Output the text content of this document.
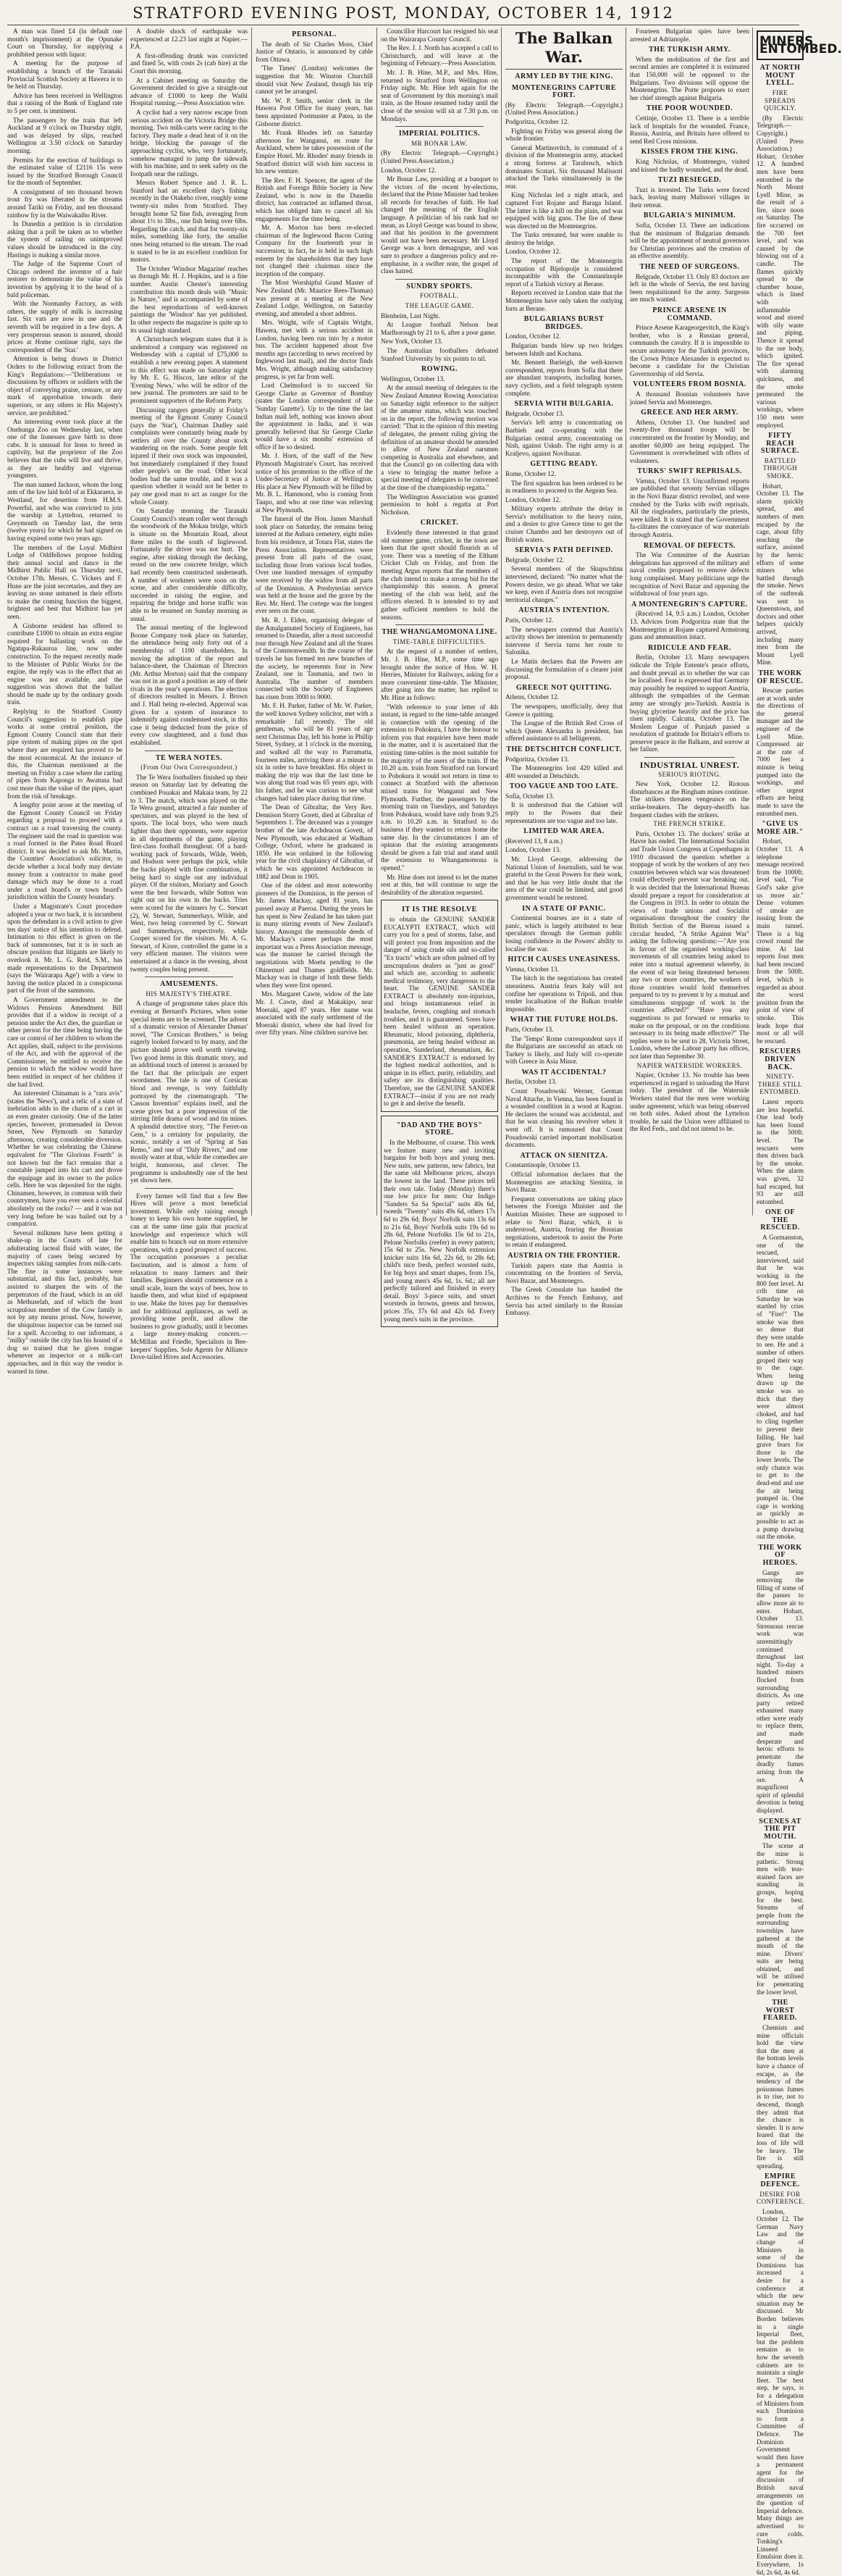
STRATFORD EVENING POST, MONDAY, OCTOBER 14, 1912

A man was fined £4 (in default one month's imprisonment) at the Opunake Court on Thursday, for supplying a prohibited person with liquor.

A meeting for the purpose of establishing a branch of the Taranaki Provincial Scottish Society at Hawera is to be held on Thursday.

Advice has been received in Wellington that a raising of the Bank of England rate to 5 per cent. is imminent.

The passengers by the train that left Auckland at 9 o'clock on Thursday night, and was delayed by slips, reached Wellington at 3.50 o'clock on Saturday morning.

Permits for the erection of buildings to the estimated value of £2116 15s were issued by the Stratford Borough Council for the month of September.

A consignment of ten thousand brown trout fry was liberated in the streams around Tariki on Friday, and ten thousand rainbow fry in the Waiwakaiho River.

In Dunedin a petition is in circulation asking that a poll be taken as to whether the system of railing on unimproved values should be introduced in the city. Hastings is making a similar move.

The Judge of the Supreme Court of Chicago ordered the inventor of a hair restorer to demonstrate the value of his invention by applying it to the head of a bald policeman.

With the Normanby Factory, as with others, the supply of milk is increasing fast. Six vats are now in use and the seventh will be required in a few days. A very prosperous season is assured, should prices at Home continue right, says the correspondent of the 'Star.'

Attention is being drawn in District Orders to the following extract from the King's Regulations:—"Deliberations or discussions by officers or soldiers with the object of conveying praise, censure, or any mark of approbation towards their superiors, or any others in His Majesty's service, are prohibited."

An interesting event took place at the Onehunga Zoo on Wednesday last, when one of the lionesses gave birth to three cubs. It is unusual for lions to breed in captivity, but the proprietor of the Zoo believes that the cubs will live and thrive, as they are healthy and vigorous youngsters.

The man named Jackson, whom the long arm of the law laid hold of at Ekkaraera, in Westland, for desertion from H.M.S. Powerful, and who was convicted to join the warship at Lyttelton, returned to Greymouth on Tuesday last, the term (twelve years) for which he had signed on having expired some two years ago.

The members of the Loyal Midhirst Lodge of Oddfellows propose holding their annual social and dance in the Midhirst Public Hall on Thursday next, October 17th. Messrs. C. Vickers and F. Hune are the joint secretaries, and they are leaving no stone unturned in their efforts to make the coming function the biggest, brightest and best that Midhirst has yet seen.

A Gisborne resident has offered to contribute £1000 to obtain an extra engine required for ballasting work on the Ngatapa-Rakauroa line, now under construction. To the request recently made to the Minister of Public Works for the engine, the reply was to the effect that an engine was not available, and the suggestion was shown that the ballast should be made up by the ordinary goods train.

Replying to the Stratford County Council's suggestion to establish pipe works at some central position, the Egmont County Council state that their pipe system of making pipes on the spot where they are required has proved to be the most economical. At the instance of this, the Chairman mentioned at the meeting on Friday a case where the carting of pipes from Kaponga to Awatuna had cost more than the value of the pipes, apart from the risk of breakage.

A lengthy point arose at the meeting of the Egmont County Council on Friday regarding a proposal to proceed with a contract on a road traversing the county. The engineer said the road in question was a road formed in the Patea Road Board district. It was decided to ask Mr. Martin, the Counties' Association's solicitor, to decide whether a local body may deviate money from a contractor to make good damage which may be done to a road under a road board's or town board's jurisdiction within the County boundary.

Under a Magistrate's Court procedure adopted a year or two back, it is incumbent upon the defendant in a civil action to give ten days' notice of his intention to defend. Intimation to this effect is given on the back of summonses, but it is in such an obscure position that litigants are likely to overlook it. Mr. L. G. Reid, S.M., has made representations to the Department (says the 'Wairarapa Age') with a view to having the notice placed in a conspicuous part of the front of the summons.

A Government amendment to the Widows Pensions Amendment Bill provides that if a widow in receipt of a pension under the Act dies, the guardian or other person for the time being having the care or control of her children to whom the Act applies, shall, subject to the provisions of the Act, and with the approval of the Commissioner, be entitled to receive the pension to which the widow would have been entitled in respect of her children if she had lived.

An interested Chinaman is a "rara avis" (states the 'News'), and a relic of a state of inebriation adds to the charm of a cart in an even greater curiosity. One of the latter species, however, promenaded in Devon Street, New Plymouth on Saturday afternoon, creating considerable diversion. Whether he was celebrating the Chinese equivalent for "The Glorious Fourth" is not known but the fact remains that a constable jumped into his cart and drove the equipage and its owner to the police cells. Here he was deposited for the night. Chinamen, however, in common with their countrymen, have you ever seen a celestial absolutely on the rocks? — and it was not very long before he was bailed out by a compatriot.

Several milkmen have been getting a shake-up in the Courts of late for adulterating lacteal fluid with water, the majority of cases being secured by inspectors taking samples from milk-carts. The fine in some instances were substantial, and this fact, probably, has assisted to sharpen the wits of the perpetrators of the fraud, which in an old as Methuselah, and of which the least scrupulous member of the Cow family is not by any means proud. Now, however, the ubiquitous inspector can be turned out for a spell. Accordng to our informant, a "milky" outside the city has his hound of a dog so trained that he gives tongue whenever an inspector or a milk-cart approaches, and in this way the vendor is warned in time.

A double shock of earthquake was experienced at 12.23 last night at Napier.—P.A.

A first-offending drunk was convicted and fined 5s, with costs 2s (cab hire) at the Court this morning.

At a Cabinet meeting on Saturday the Government decided to give a straight-out advance of £1000 to keep the Waihi Hospital running.—Press Association wire.

A cyclist had a very narrow escape from serious accident on the Victoria Bridge this morning. Two milk-carts were racing to the factory. They made a dead heat of it on the bridge, blocking the passage of the approaching cyclist, who, very fortunately, somehow managed to jump the sidewalk with his machine, and to seek safety on the footpath near the railings.

Messrs Robert Spence and J. R. L. Stanford had an excellent day's fishing recently in the Otakeho river, roughly some twenty-six miles from Stratford. They brought home 52 fine fish, averaging from about 1½ to 3lbs., one fish being over 6lbs. Regarding the catch, and that for twenty-six miles, something like forty, the smaller ones being returned to the stream. The road is stated to be in an excellent condition for motors.

The October 'Windsor Magazine' reaches us through Mr. H. J. Hopkins, and is a fine number. Austin Chester's interesting contribution this month deals with "Music in Nature," and is accompanied by some of the best reproductions of well-known paintings the 'Windsor' has yet published. In other respects the magazine is quite up to its usual high standard.

A Christchurch telegram states that it is understood a company was registered on Wednesday with a capital of £75,000 to establish a new evening paper. A statement to this effect was made on Saturday night by Mr. E. G. Hiscox, late editor of the 'Evening News,' who will be editor of the new journal. The promoters are said to be prominent supporters of the Reform Party.

Discussing rangers generally at Friday's meeting of the Egmont County Council (says the 'Star'), Chairman Dudley said complaints were constantly being made by settlers all over the County about stock wandering on the roads. Some people felt injured if their own stock was impounded, but immediately complained if they found other people's on the road. Other local bodies had the same trouble, and it was a question whether it would not be better to pay one good man to act as ranger for the whole County.

On Saturday morning the Taranaki County Council's steam roller went through the woodwork of the Mokau bridge, which is situate on the Mountain Road, about three miles to the south of Inglewood. Fortunately the driver was not hurt. The engine, after sinking through the decking, rested on the new concrete bridge, which had recently been constructed underneath. A number of workmen were soon on the scene, and after considerable difficulty, succeeded in raising the engine, and repairing the bridge and horse traffic was able to be resumed on Sunday morning as usual.

The annual meeting of the Inglewood Boone Company took place on Saturday, the attendance being only forty out of a membership of 1100 shareholders. In moving the adoption of the report and balance-sheet, the Chairman of Directors (Mr. Arthur Morton) said that the company was not in as good a position as any of their rivals in the year's operations. The election of directors resulted in Messrs. J. Brown and J. Hall being re-elected. Approval was given for a system of insurance to indemnify against condemned stock, in this case it being deducted from the price of every cow slaughtered, and a fund thus established.

TE WERA NOTES.
(From Our Own Correspondent.)

The Te Wera footballers finished up their season on Saturday last by defeating the combined Pouakai and Makaia team, by 22 to 3. The match, which was played on the Te Wera ground, attracted a fair number of spectators, and was played in the best of sports. The local boys, who were much lighter than their opponents, were superior in all departments of the game, playing first-class football throughout. Of a hard-working pack of forwards, Wilde, Webb, and Hodson were perhaps the pick, while the backs played with fine combination, it being hard to single out any individual player. Of the visitors, Moriarty and Gooch were the best forwards, while Sutton was right out on his own in the backs. Tries were scored for the winners by C. Stewart (2), W. Stewart, Summerhays, Wilde, and West, two being converted by C. Stewart and Summerhays, respectively, while Cooper scored for the visitors. Mr. A. G. Stewart, of Kiore, controlled the game in a very efficient manner. The visitors were entertained at a dance in the evening, about twenty couples being present.

AMUSEMENTS.
HIS MAJESTY'S THEATRE.

A change of programme takes place this evening at Bernard's Pictures, when some special items are to be screened. The advent of a dramatic version of Alexander Dumas' novel, "The Corsican Brothers," is being eagerly looked forward to by many, and the picture should prove well worth viewing. Two good items in this dramatic story, and an additional touch of interest is aroused by the fact that the principals are expert swordsmen. The tale is one of Corsican blood and revenge, is very faithfully portrayed by the cinematograph. "The Casson Invention" explains itself, and the scene gives but a poor impression of the stirring little drama of wood and tin mines. A splendid detective story, "The Ferret-on Gem," is a certainty for popularity, the scenic, notably a set of "Spring at San Remo," and one of "Daly Rivers," and one mostly water at that, while the comedies are bright, humorous, and clever. The programme is undoubtedly one of the best yet shown here.

Every farmer will find that a few Bee Hives will prove a most beneficial investment. While only raising enough honey to keep his own home supplied, he can at the same time gain that practical knowledge and experience which will enable him to branch out on more extensive operations, with a good prospect of success. The occupation possesses a peculiar fascination, and is almost a form of relaxation to many farmers and their families. Beginners should commence on a small scale, learn the ways of bees, how to handle them, and what kind of equipment to use. Make the hives pay for themselves and for additional appliances, as well as providing some profit, and allow the business to grow gradually, until it becomes a large money-making concern.—McMillan and Friedle, Specialists in Bee-keepers' Supplies. Sole Agents for Alliance Dove-tailed Hives and Accessories.

PERSONAL.

The death of Sir Charles Moss, Chief Justice of Ontario, is announced by cable from Ottawa.

'The Times' (London) welcomes the suggestion that Mr. Winston Churchill should visit New Zealand, though his trip cannot yet be arranged.

Mr. W. P. Smith, senior clerk in the Hawera Post Office for many years, has been appointed Postmaster at Patea, in the Gisborne district.

Mr. Frank Rhodes left on Saturday afternoon for Wanganui, en route for Auckland, where he takes possession of the Empire Hotel. Mr. Rhodes' many friends in Stratford district will wish him success in his new venture.

The Rev. F. H. Spencer, the agent of the British and Foreign Bible Society in New Zealand, who is now in the Dunedin district, has contracted an inflamed throat, which has obliged him to cancel all his engagements for the time being.

Mr. A. Morton has been re-elected chairman of the Inglewood Bacon Curing Company for the fourteenth year in succession; in fact, he is held in such high esteem by the shareholders that they have not changed their chairman since the inception of the company.

The Most Worshipful Grand Master of New Zealand (Mr. Maurice Rees-Thomas) was present at a meeting at the New Zealand Lodge, Wellington, on Saturday evening, and attended a short address.

Mrs. Wright, wife of Captain Wright, Hawera, met with a serious accident in London, having been run into by a motor bus. The accident happened about five months ago (according to news received by Inglewood last mail), and the doctor finds Mrs. Wright, although making satisfactory progress, is yet far from well.

Lord Chelmsford is to succeed Sir George Clarke as Governor of Bombay (states the London correspondent of the 'Sunday Gazette'). Up to the time the last Indian mail left, nothing was known about the appointment in India, and it was generally believed that Sir George Clarke would have a six months' extension of office if he so desired.

Mr. J. Horn, of the staff of the New Plymouth Magistrate's Court, has received notice of his promotion to the office of the Under-Secretary of Justice at Wellington. His place at New Plymouth will be filled by Mr. B. L. Hammond, who is coming from Taupo, and who at one time was relieving at New Plymouth.

The funeral of the Hon. James Marshall took place on Saturday, the remains being interred at the Aubara cemetery, eight miles from his residence, at Totara Flat, states the Press Association. Representatives were present from all parts of the coast, including those from various local bodies. Over one hundred messages of sympathy were received by the widow from all parts of the Dominion. A Presbyterian service was held at the house and the grave by the Rev. Mr. Herd. The cortege was the longest ever seen on the coast.

Mr. R. J. Elden, organising delegate of the Amalgamated Society of Engineers, has returned to Dunedin, after a most successful tour through New Zealand and all the States of the Commonwealth. In the course of the travels he has formed ten new branches of the society, he represents four in New Zealand, one in Tasmania, and two in Australia. The number of members connected with the Society of Engineers has risen from 3000 to 9000.

Mr. F. H. Parker, father of Mr. W. Parker, the well known Sydney solicitor, met with a remarkable fall recently. The old gentleman, who will be 81 years of age next Christmas Day, left his home in Phillip Street, Sydney, at 1 o'clock in the morning, and walked all the way to Parramatta, fourteen miles, arriving there at a minute to six in order to have breakfast. His object in making the trip was that the last time he was along that road was 65 years ago, with his father, and he was curious to see what changes had taken place during that time.

The Dean of Gibraltar, the Very Rev. Dennison Storry Gorett, died at Gibraltar of Septembers 1. The deceased was a younger brother of the late Archdeacon Govett, of New Plymouth, was educated at Wadham College, Oxford, where he graduated in 1850. He was ordained in the following year for the civil chaplaincy of Gibraltar, of which he was appointed Archdeacon in 1882 and Dean in 1905.

One of the oldest and most noteworthy pioneers of the Dominion, in the person of Mr. James Mackay, aged 81 years, has passed away at Paeroa. During the years he has spent in New Zealand he has taken part in many stirring events of New Zealand's history. Amongst the memorable deeds of Mr. Mackay's career perhaps the most important was a Press Association message, was the manner he carried through the negotiations with Moetu pending to the Ohinemuri and Thames goldfields. Mr. Mackay was in charge of both these fields when they were first opened.

Mrs. Margaret Cawte, widow of the late Mr. J. Cawte, died at Makakipo, near Moeraki, aged 87 years. Her name was associated with the early settlement of the Moeraki district, where she had lived for over fifty years. Nine children survive her.

Councillor Harcourt has resigned his seat on the Wairarapa County Council.

The Rev. J. J. North has accepted a call to Christchurch, and will leave at the beginning of February.—Press Association.

Mr. J. B. Hine, M.P., and Mrs. Hine, returned to Stratford from Wellington on Friday night. Mr. Hine left again for the seat of Government by this morning's mail train, as the House resumed today until the close of the session will sit at 7.30 p.m. on Mondays.

IMPERIAL POLITICS.
MR BONAR LAW.

(By Electric Telegraph.—Copyright.) (United Press Association.)

London, October 12.

Mr Bonar Law, presiding at a banquet to the victors of the recent by-elections, declared that the Prime Minister had broken all records for breaches of faith. He had changed the meaning of the English language. A politician of his rank had no mean, as Lloyd George was bound to show, and that his position in the government would not have been necessary. Mr Lloyd George was a born demagogue, and was sure to produce a dangerous policy and re-emphasise, in a swifter note, the gospel of class hatred.

SUNDRY SPORTS.
FOOTBALL.
THE LEAGUE GAME.

Blenheim, Last Night.

At League football Nelson beat Marlborough by 21 to 6, after a poor game.

New York, October 13.

The Australian footballers defeated Stanford University by six points to nil.

ROWING.

Wellington, October 13.

At the annual meeting of delegates to the New Zealand Amateur Rowing Association on Saturday night reference to the subject of the amateur status, which was touched on in the report, the following motion was carried: "That in the opinion of this meeting of delegates, the present ruling giving the definition of an amateur should be amended to allow of New Zealand oarsmen competing in Australia and elsewhere, and that the Council go on collecting data with a view to bringing the matter before a special meeting of delegates to be convened at the time of the championship regatta."

The Wellington Association was granted permission to hold a regatta at Port Nicholson.

CRICKET.

Evidently those interested in that grand old summer game, cricket, in the town are keen that the sport should flourish as of yore. There was a meeting of the Eltham Cricket Club on Friday, and from the meeting Argus reports that the members of the club intend to make a strong bid for the championship this season. A general meeting of the club was held, and the officers elected. It is intended to try and gather sufficient members to hold the seasons.

THE WHANGAMOMONA LINE.
TIME-TABLE DIFFICULTIES.

At the request of a number of settlers, Mr. J. B. Hine, M.P., some time ago brought under the notice of Hon. W. H. Herries, Minister for Railways, asking for a more convenient time-table. The Minister, after going into the matter, has replied to Mr. Hine as follows:

"With reference to your letter of 4th instant, in regard to the time-table arranged in connection with the opening of the extension to Pohokura, I have the honour to inform you that enquiries have been made in the matter, and it is ascertained that the existing time-tables is the most suitable for the majority of the users of the train. If the 10.20 a.m. train from Stratford ran forward to Pohokura it would not return in time to connect at Stratford with the afternoon mixed trains for Wanganui and New Plymouth. Further, the passengers by the morning train on Tuesdays, and Saturdays from Pohokura, would have only from 9.25 a.m. to 10.20 a.m. in Stratford to do business if they wanted to return home the same day. In the circumstances I am of opinion that the existing arrangements should be given a fair trial and stand until the extension to Whangamomona is opened."

Mr. Hine does not intend to let the matter rest at this, but will continue to urge the desirability of the alteration requested.

IT IS THE RESOLVE

to obtain the GENUINE SANDER EUCALYPTI EXTRACT, which will carry you for a peal of storms, false, and will protect you from imposition and the danger of using crude oils and so-called "Ex tracts" which are often palmed off by unscrupulous dealers as "just as good" and which are, according to authentic medical testimony, very dangerous to the heart. The GENUINE SANDER EXTRACT is absolutely non-injurious, and brings instantaneous relief in headache, fevers, coughing and stomach troubles, and it is guaranteed. Sores have been healed without an operation. Rheumatic, blood poisoning, diphtheria, pneumonia, are being healed without an operation, Sunderland, rheumatism, &c. SANDER'S EXTRACT is endorsed by the highest medical authorities, and is unique in its effect. purity, reliability, and safety are its distinguishing qualities. Therefore, use the GENUINE SANDER EXTRACT—insist if you are not ready to get it and derive the benefit.

"DAD AND THE BOYS" STORE.

In the Melbourne, of course. This week we feature many new and inviting bargains for both boys and young men. New suits, new patterns, new fabrics, but the same old Melbourne prices, always the lowest in the land. These prices tell their own tale. Today (Monday) there's one low price for men: Our Indigo "Sanders Sa Sa Special" suits 40s 6d, tweeds "Twenty" suits 49s 6d, others 17s 6d to 29s 6d; Boys' Norfolk suits 13s 6d to 21s 6d, Boys' Norfolk suits 19s 6d to 28s 6d, Pelone Norfolks 15s 6d to 21s, Pelone Norfolks (reefer) in every pattern; 15s 6d to 25s. New Norfolk extension knicker suits 16s 6d, 22s 6d, to 28s 6d; child's nice fresh, perfect worsted suits, for big boys and smart shapes, from 15s, and young men's 45s 6d, 1s. 6d.; all are perfectly tailored and finished in every detail. Boys' 3-piece suits, and smart worsteds in browns, greens and browns, prices 35s, 37s 6d and 42s 6d. Every young men's suits in the province.

The Balkan War.
ARMY LED BY THE KING.
MONTENEGRINS CAPTURE FORT.

(By Electric Telegraph.—Copyright.) (United Press Association.)

Podgoritza, October 12.

Fighting on Friday was general along the whole frontier.

General Martinovitch, in command of a division of the Montenegrin army, attacked a strong fortress at Tarabosch, which dominates Scutari. Six thousand Malissori attacked the Turks simultaneously in the rear.

King Nicholas led a night attack, and captured Fort Rojane and Baraga Island. The latter is like a hill on the plain, and was equipped with big guns. The fire of these was directed on the Montenegrins.

The Turks retreated, but were unable to destroy the bridge.

London, October 12.

The report of the Montenegrin occupation of Bijelopolje is considered incompatible with the Constantinople report of a Turkish victory at Berane.

Reports received in London state that the Montenegrins have only taken the outlying forts at Berane.

BULGARIANS BURST BRIDGES.

London, October 12.

Bulgarian bands blew up two bridges between Ishtib and Kochana.

Mr. Bennett Burleigh, the well-known correspondent, reports from Sofia that there are abundant transports, including horses, navy cyclists, and a field telegraph system complete.

SERVIA WITH BULGARIA.

Belgrade, October 13.

Servia's left army is concentrating on Barbieh and co-operating with the Bulgarian central army, concentrating on Nish, against Uskub. The right army is at Kraljevo, against Novibazar.

GETTING READY.

Rome, October 12.

The first squadron has been ordered to be in readiness to proceed to the Aegean Sea.

London, October 12.

Military experts attribute the delay in Servia's mobilisation to the heavy rains, and a desire to give Greece time to get the cruiser Chambo and her destroyers out of British waters.

SERVIA'S PATH DEFINED.

Belgrade, October 12.

Several members of the Skupschtina interviewed, declared: "No matter what the Powers desire, we go ahead. What we take we keep, even if Austria does not recognise territorial changes."

AUSTRIA'S INTENTION.

Paris, October 12.

The newspapers contend that Austria's activity shows her intention to permanently intervene if Servia turns her route to Salonika.

Le Matin declares that the Powers are discussing the formulation of a clearer joint proposal.

GREECE NOT QUITTING.

Athens, October 12.

The newspapers, unofficially, deny that Greece is quitting.

The League of the British Red Cross of which Queen Alexandra is president, has offered assistance to all belligerents.

THE DETSCHITCH CONFLICT.

Podgoritza, October 13.

The Montenegrins lost 420 killed and 400 wounded at Detschitch.

TOO VAGUE AND TOO LATE.

Sofia, October 13.

It is understood that the Cabinet will reply to the Powers that their representations are too vague and too late.

LIMITED WAR AREA.

(Received 13, 8 a.m.)

London, October 13.

Mr. Lloyd George, addressing the National Union of Journalists, said he was grateful to the Great Powers for their work, and that he has very little doubt that the area of the war could be limited, and good government would be restored.

IN A STATE OF PANIC.

Continental bourses are in a state of panic, which is largely attributed to bear speculators through the German public losing confidence in the Powers' ability to localise the war.

HITCH CAUSES UNEASINESS.

Vienna, October 13.

The hitch in the negotiations has created uneasiness. Austria fears Italy will not confine her operations to Tripoli, and thus render localisation of the Balkan trouble impossible.

WHAT THE FUTURE HOLDS.

Paris, October 13.

The 'Temps' Rome correspondent says if the Bulgarians are successful an attack on Turkey is likely, and Italy will co-operate with Greece in Asia Minor.

WAS IT ACCIDENTAL?

Berlin, October 13.

Count Posadowski Werner, German Naval Attache, in Vienna, has been found in a wounded condition in a wood at Kagran. He declares the wound was accidental, and that he was cleaning his revolver when it went off. It is rumoured that Count Posadowski carried important mobilisation documents.

ATTACK ON SIENITZA.

Constantinople, October 13.

Official information declares that the Montenegrins are attacking Sienitza, in Novi Bazar.

Frequent conversations are taking place between the Foreign Minister and the Austrian Minister. These are supposed to relate to Novi Bazar, which, it is understood, Austria, fearing the Bosnian negotiations, undertook to assist the Porte to retain if endangered.

AUSTRIA ON THE FRONTIER.

Turkish papers state that Austria is concentrating on the frontiers of Servia, Novi Bazar, and Montenegro.

The Greek Consulate has handed the Archives to the French Embassy, and Servia has acted similarly to the Russian Embassy.

Fourteen Bulgarian spies have been arrested at Adrianople.

THE TURKISH ARMY.

When the mobilisation of the first and second armies are completed it is estimated that 150,000 will be opposed to the Bulgarians. Two divisions will oppose the Montenegrins. The Porte proposes to exert her chief strength against Bulgaria.

THE POOR WOUNDED.

Cettinje, October 13. There is a terrible lack of hospitals for the wounded. France, Russia, Austria, and Britain have offered to send Red Cross missions.

KISSES FROM THE KING.

King Nicholas, of Montenegro, visited and kissed the badly wounded, and the dead.

TUZI BESIEGED.

Tuzi is invested. The Turks were forced back, leaving many Malissori villages in their retreat.

BULGARIA'S MINIMUM.

Sofia, October 13. There are indications that the minimum of Bulgarian demands will be the appointment of neutral governors for Christian provinces and the creation of an effective assembly.

THE NEED OF SURGEONS.

Belgrade, October 13. Only 83 doctors are left in the whole of Servia, the rest having been requisitioned for the army. Surgeons are much wanted.

PRINCE ARSENE IN COMMAND.

Prince Arsene Karageorgevitch, the King's brother, who is a Russian general, commands the cavalry. If it is impossible to secure autonomy for the Turkish provinces, the Crown Prince Alexander is expected to become a candidate for the Christian Governorship of old Servia.

VOLUNTEERS FROM BOSNIA.

A thousand Bosnian volunteers have joined Servia and Montenegro.

GREECE AND HER ARMY.

Athens, October 13. One hundred and twenty-five thousand troops will be concentrated on the frontier by Monday, and another 60,000 are being equipped. The Government is overwhelmed with offers of volunteers.

TURKS' SWIFT REPRISALS.

Vienna, October 13. Unconfirmed reports are published that seventy Servian villages in the Novi Bazar district revolted, and were crushed by the Turks with swift reprisals. All the ringleaders, particularly the priests, were killed. It is stated that the Government fa-cilitates the conveyance of war materials through Austria.

REMOVAL OF DEFECTS.

The War Committee of the Austrian delegations has approved of the military and naval credits proposed to remove defects long complained. Many politicians urge the recognition of Novi Bazar and opposing the withdrawal of four years ago.

A MONTENEGRIN'S CAPTURE.

(Received 14, 9.5 a.m.) London, October 13. Advices from Podgoritza state that the Montenegrins at Rojane captured Armstrong guns and ammunition intact.

RIDICULE AND FEAR.

Berlin, October 13. Many newspapers ridicule the Triple Entente's peace efforts, and doubt prevail as to whether the war can be localised. Fear is expressed that Germany may possibly be required to support Austria, although the sympathies of the German army are strongly pro-Turkish. Austria is buying glycerine heavily and the price has risen rapidly. Calcutta, October 13. The Moslem League of Punjaub passed a resolution of gratitude for Britain's efforts to preserve peace in the Balkans, and sorrow at her failure.

INDUSTRIAL UNREST.
SERIOUS RIOTING.

New York, October 12. Riotous disturbances at the Bingham mines continue. The strikers threaten vengeance on the strike-breakers. The deputy-sheriffs has frequent clashes with the strikers.

THE FRENCH STRIKE.

Paris, October 13. The dockers' strike at Havre has ended. The International Socialist and Trade Union Congress at Copenhagen in 1910 discussed the question whether a stoppage of work by the workers of any two countries between which war was threatened could effectively prevent war breaking out. It was decided that the International Bureau should prepare a report for consideration at the Congress in 1913. In order to obtain the views of trade unions and Socialist organisations throughout the country the British Section of the Bureau issued a circular headed, "A Strike Against War" asking the following questions:—"Are you in favour of the organised working-class movements of all countries being asked to enter into a mutual agreement whereby, in the event of war being threatened between any two or more countries, the workers of those countries would hold themselves prepared to try to prevent it by a mutual and simultaneous stoppage of work in the countries affected?" "Have you any suggestions to put forward or remarks to make on the proposal, or on the conditions necessary to its being made effective?" The replies were to be sent to 28, Victoria Street, London, where the Labour party has offices, not later than September 30.

NAPIER WATERSIDE WORKERS.

Napier, October 13. No trouble has been experienced in regard to unloading the Hurst today. The president of the Waterside Workers stated that the men were working under agreement, which was being observed on both sides. Asked about the Lyttelton trouble, he said the Union were affiliated to the Red Feds., and did not intend to be.

MINERS ENTOMBED.
AT NORTH MOUNT LYELL.
FIRE SPREADS QUICKLY.

(By Electric Telegraph.—Copyright.) (United Press Association.) Hobart, October 12. A hundred men have been entombed in the North Mount Lyell Mine, as the result of a fire, since noon on Saturday. The fire occurred on the 700 feet level, and was caused by the blowing out of a candle. The flames quickly spread to the chamber house, which is lined with inflammable wood and stored with oily waste and piping. Thence it spread to the ore body, which ignited. The fire spread with alarming quickness, and the smoke permeated the various workings, where 150 men were employed.

FIFTY REACH SURFACE.
BATTLED THROUGH SMOKE.

Hobart, October 13. The alarm quickly spread, and numbers of men escaped by the cage, about fifty reaching the surface, assisted by the heroic efforts of some miners who battled through the smoke. News of the outbreak was sent to Queenstown, and doctors and other helpers quickly arrived, including many men from the Mount Lyell Mine.

THE WORK OF RESCUE.

Rescue parties are at work under the directions of the general manager and the engineer of the Lyell Mine. Compressed air at the rate of 7000 feet a minute is being pumped into the workings, and other urgent efforts are being made to save the entombed men.

"GIVE US MORE AIR."

Hobart, October 13. A telephone message received from the 1000ft. level said, "For God's sake give us more air." Dense volumes of smoke are issuing from the main tunnel. There is a big crowd round the mine. At last reports four men had been rescued from the 500ft. level, which is regarded as about the worst position from the point of view of smoke. This leads hope that most or all will be rescued.

RESCUERS DRIVEN BACK.
NINETY-THREE STILL ENTOMBED.

Latest reports are less hopeful. One lead body has been found in the 500ft. level. The rescuers were then driven back by the smoke. When the alarm was given, 32 had escaped, but 93 are still entombed.

ONE OF THE RESCUED.

A Gormanston, one of the rescued, interviewed, said that he was working in the 800 feet level. At crib time on Saturday he was startled by cries of "Fire!" The smoke was then so dense that they were unable to see. He and a number of others groped their way to the cage. When being drawn up the smoke was so thick that they were almost choked, and had to cling together to prevent their falling. He had grave fears for those in the lower levels. The only chance was to get to the dead-end and use the air being pumped in. One cage is working as quickly as possible to act as a pump drawing out the smoke.

THE WORK OF HEROES.

Gangs are removing the filling of some of the passes to allow more air to enter. Hobart, October 13. Strenuous rescue work was unremittingly continued throughout last night. To-day a hundred miners flocked from surrounding districts. As one party retired exhausted many other were ready to replace them, and made desperate and heroic efforts to penetrate the deadly fumes arising from the ore. A magnificent spirit of splendid devotion is being displayed.

SCENES AT THE PIT MOUTH.

The scene at the mine is pathetic. Strong men with tear-stained faces are standing in groups, hoping for the best. Streams of people from the surrounding townships have gathered at the mouth of the mine. Divers' suits are being obtained, and will be utilised for penetrating the lower level.

THE WORST FEARED.

Chemists and mine officials hold the view that the men at the bottom levels have a chance of escape, as the tendency of the poisonous fumes is to rise, not to descend, though they admit that the chance is slender. It is now feared that the loss of life will be heavy. The fire is still spreading.

EMPIRE DEFENCE.
DESIRE FOR CONFERENCE.

London, October 12. The German Navy Law and the change of Ministers in some of the Dominions has increased a desire for a conference at which the new situation may be discussed. Mr Borden believes in a single Imperial fleet, but the problem remains as to how the seventh cabinets are to maintain a single fleet. The best step, he says, is for a delegation of Ministers from each Dominion to form a Committee of Defence. The Dominion Government would then have a permanent agent for the discussion of British naval arrangements on the question of Imperial defence. Many things are advertised to cure colds. Tonking's Linseed Emulsion does it. Everywhere, 1s 6d, 2s 6d, 4s 6d.
